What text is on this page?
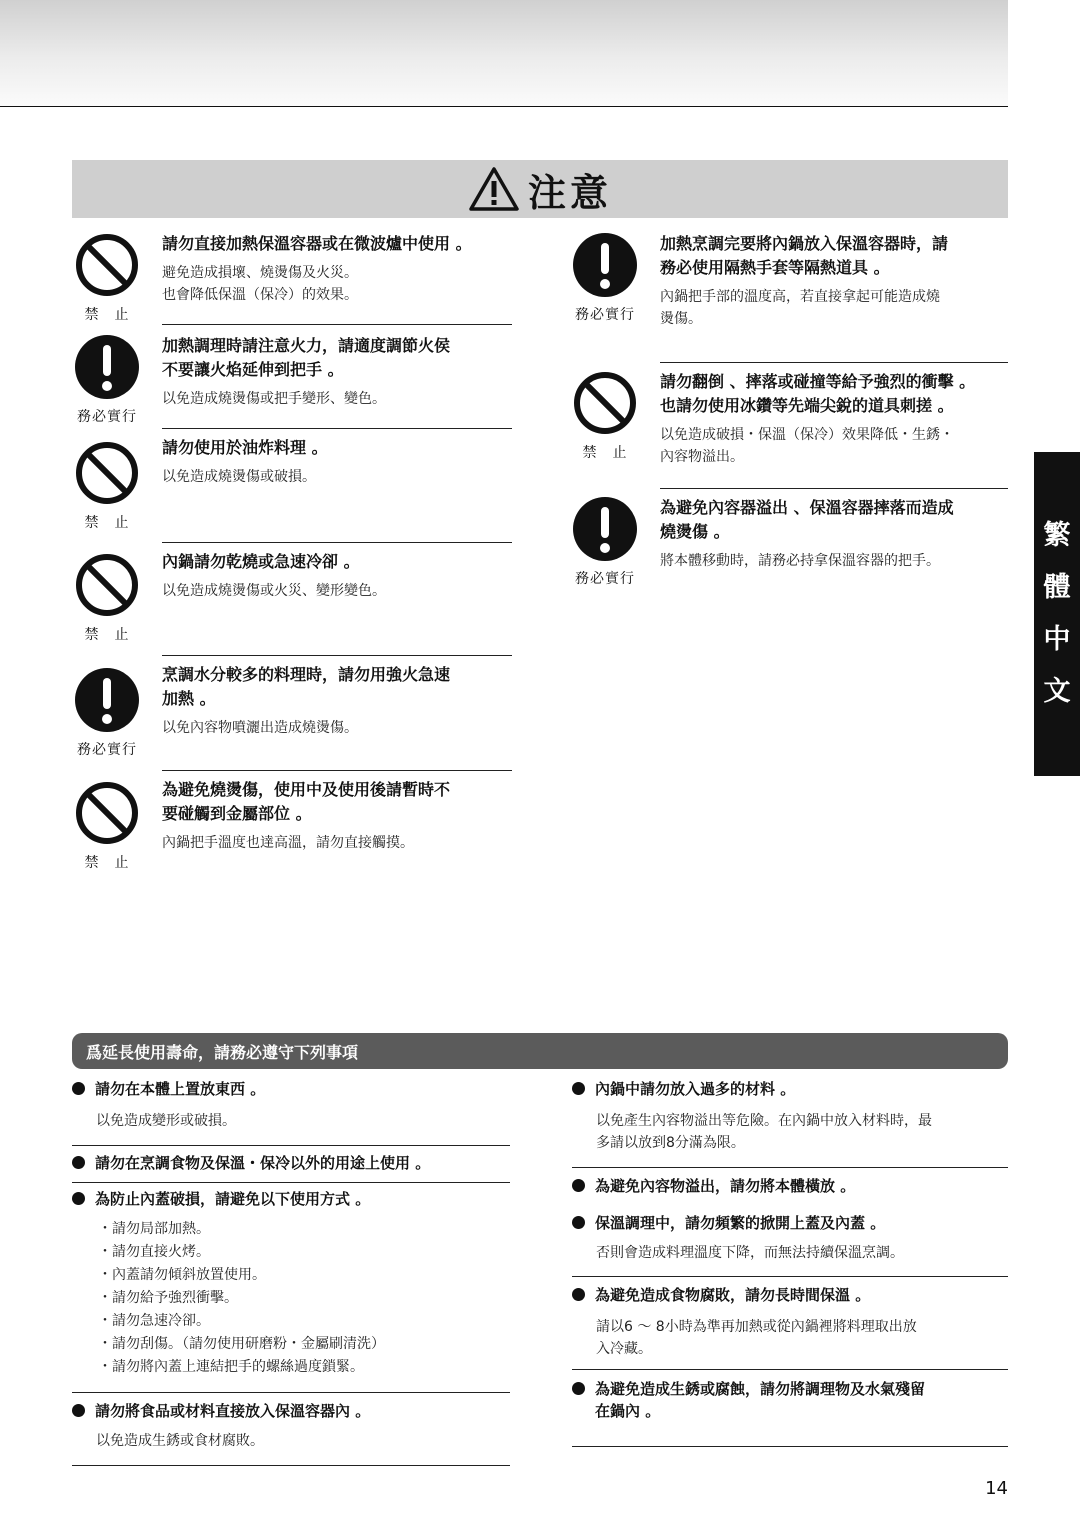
注意
禁　止
請勿直接加熱保溫容器或在微波爐中使用 。
避免造成損壞、燒燙傷及火災。
也會降低保溫（保冷）的效果。
務必實行
加熱調理時請注意火力，請適度調節火侯
不要讓火焰延伸到把手 。
以免造成燒燙傷或把手變形、變色。
禁　止
請勿使用於油炸料理 。
以免造成燒燙傷或破損。
禁　止
內鍋請勿乾燒或急速冷卻 。
以免造成燒燙傷或火災、變形變色。
務必實行
烹調水分較多的料理時，請勿用強火急速
加熱 。
以免內容物噴灑出造成燒燙傷。
禁　止
為避免燒燙傷，使用中及使用後請暫時不
要碰觸到金屬部位 。
內鍋把手溫度也達高溫，請勿直接觸摸。
務必實行
加熱烹調完要將內鍋放入保溫容器時，請
務必使用隔熱手套等隔熱道具 。
內鍋把手部的溫度高，若直接拿起可能造成燒
燙傷。
禁　止
請勿翻倒 、摔落或碰撞等給予強烈的衝擊 。
也請勿使用冰鑽等先端尖銳的道具刺搓 。
以免造成破損・保溫（保冷）效果降低・生銹・
內容物溢出。
務必實行
為避免內容器溢出 、保溫容器摔落而造成
燒燙傷 。
將本體移動時，請務必持拿保溫容器的把手。
繁
體
中
文
爲延長使用壽命，請務必遵守下列事項
請勿在本體上置放東西 。
以免造成變形或破損。
請勿在烹調食物及保溫・保冷以外的用途上使用 。
為防止內蓋破損，請避免以下使用方式 。
・請勿局部加熱。
・請勿直接火烤。
・內蓋請勿傾斜放置使用。
・請勿給予強烈衝擊。
・請勿急速冷卻。
・請勿刮傷。（請勿使用研磨粉・金屬刷清洗）
・請勿將內蓋上連結把手的螺絲過度鎖緊。
請勿將食品或材料直接放入保溫容器內 。
以免造成生銹或食材腐敗。
內鍋中請勿放入過多的材料 。
以免產生內容物溢出等危險。在內鍋中放入材料時，最
多請以放到8分滿為限。
為避免內容物溢出，請勿將本體橫放 。
保溫調理中，請勿頻繁的掀開上蓋及內蓋 。
否則會造成料理溫度下降，而無法持續保溫烹調。
為避免造成食物腐敗，請勿長時間保溫 。
請以6 ～ 8小時為準再加熱或從內鍋裡將料理取出放
入冷藏。
為避免造成生銹或腐蝕，請勿將調理物及水氣殘留
在鍋內 。
14
